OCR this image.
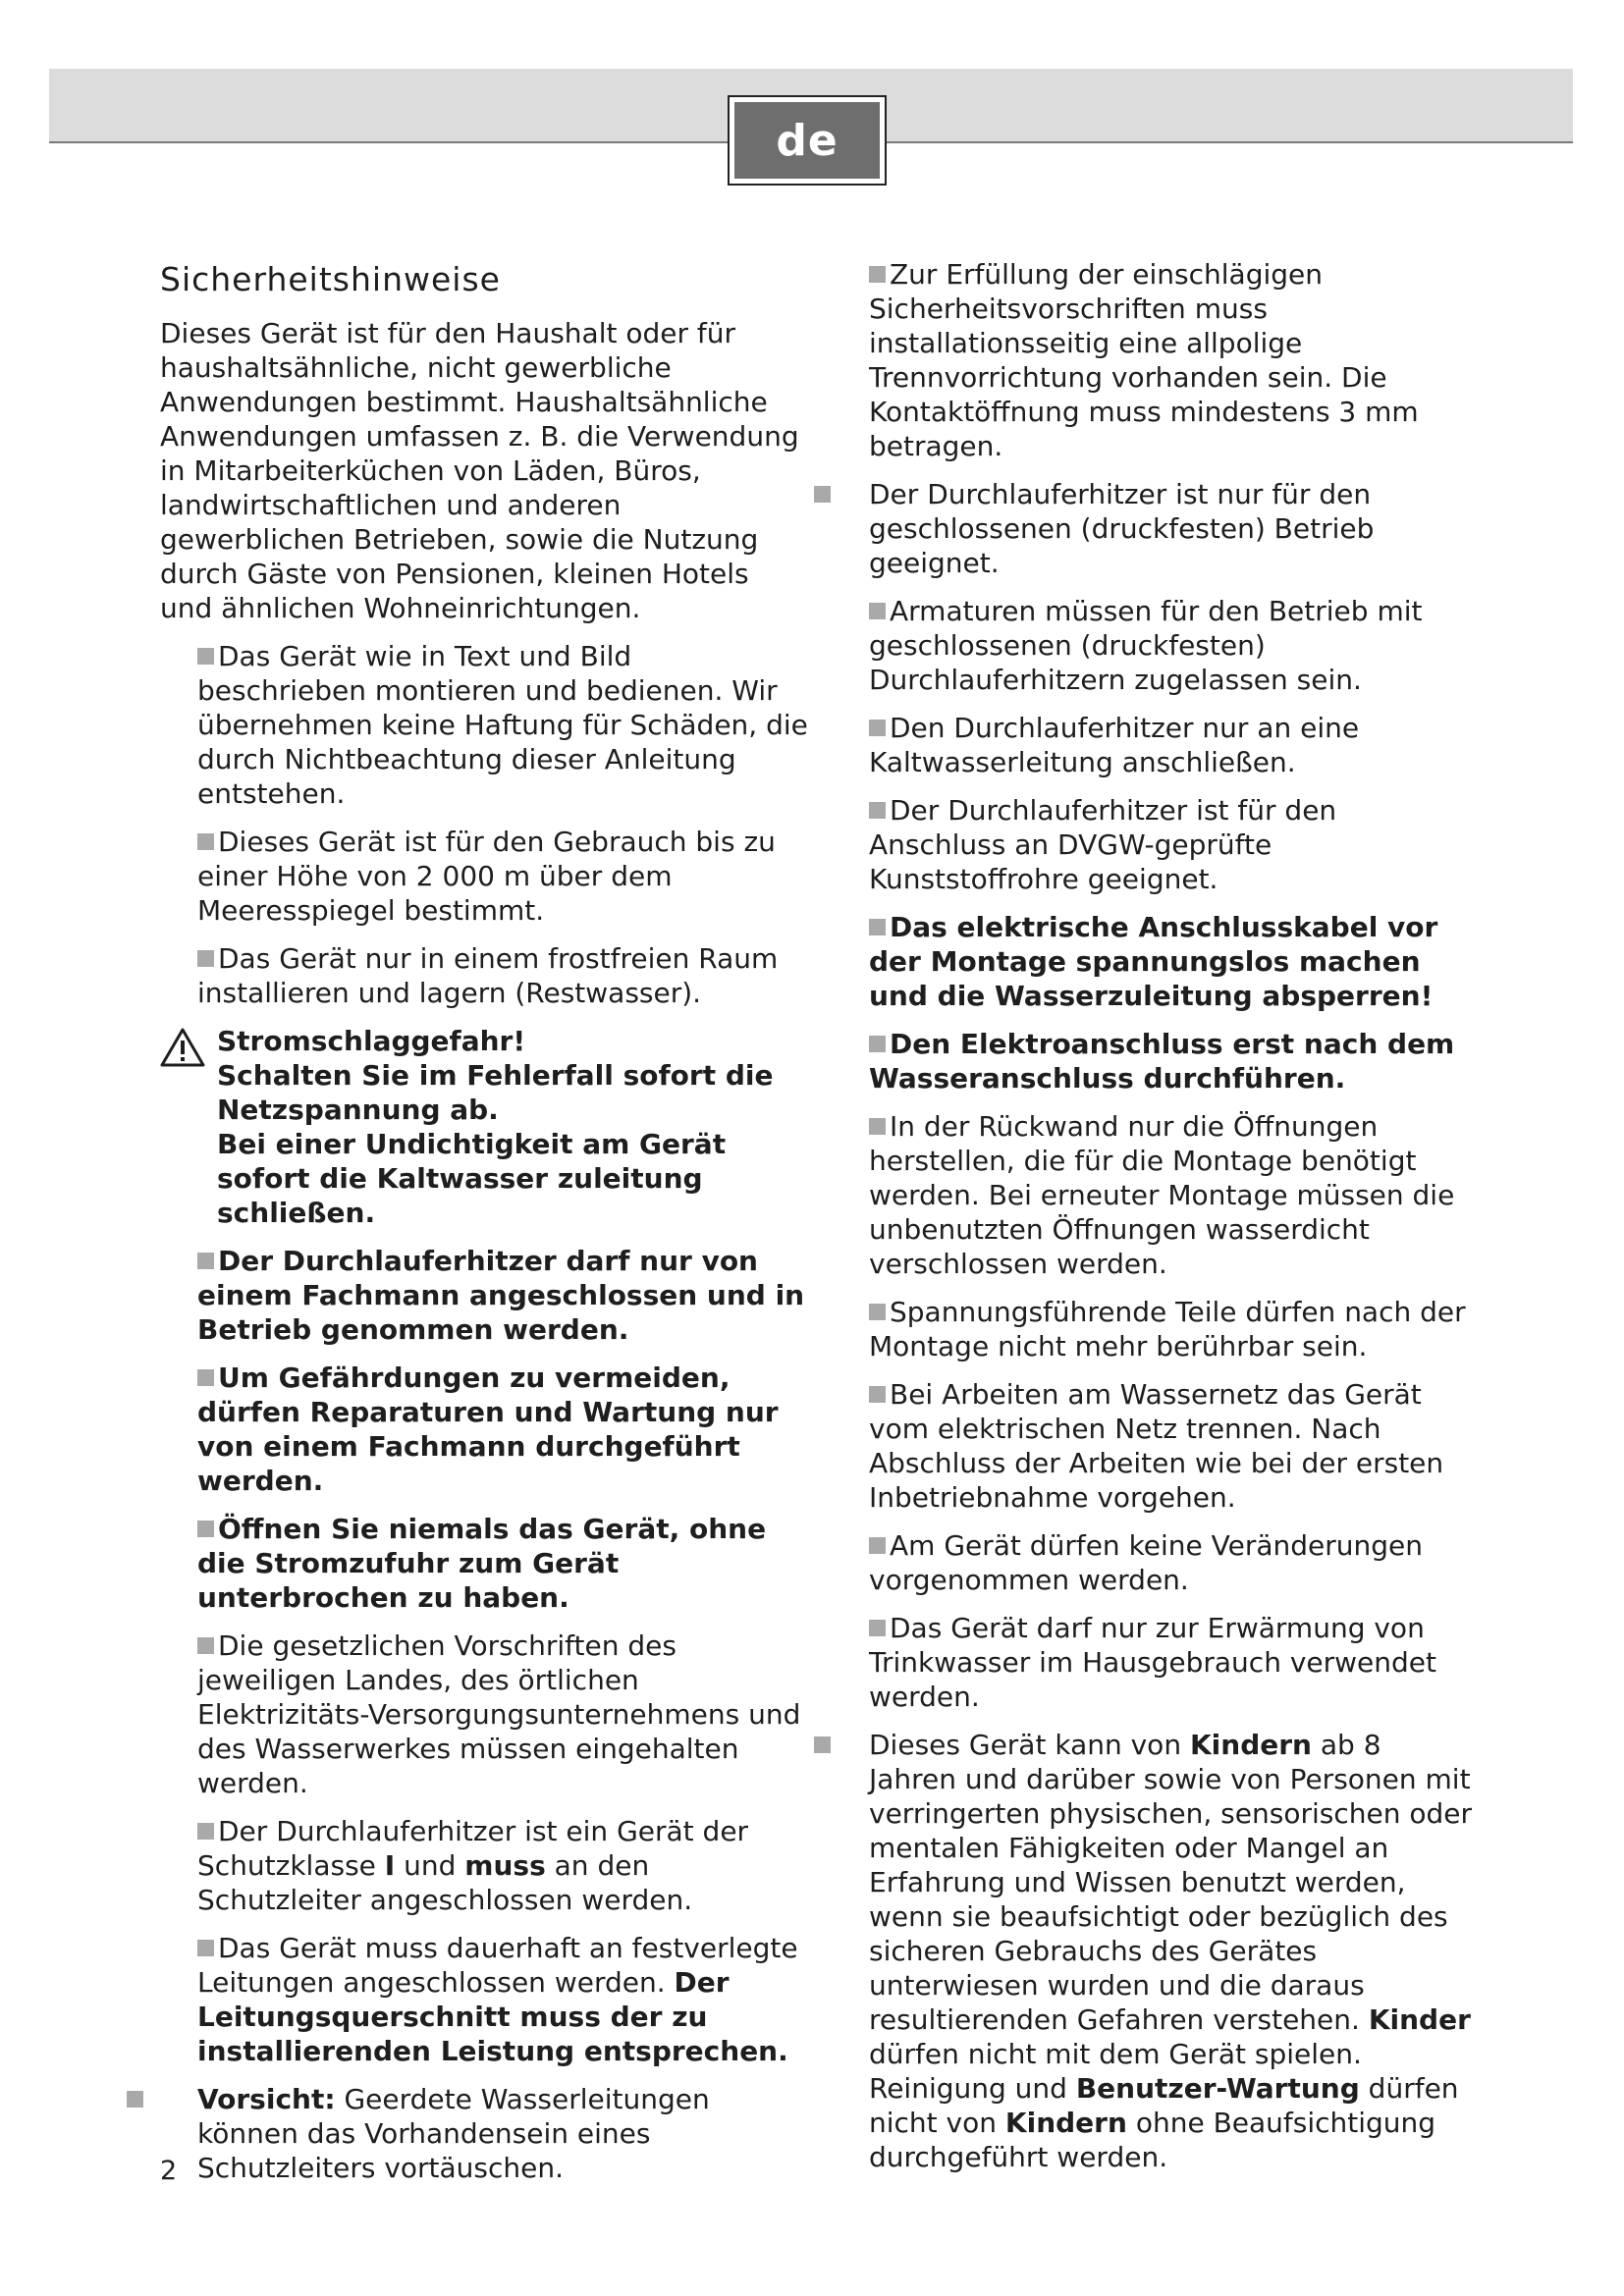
de
Sicherheitshinweise

Dieses Gerät ist für den Haushalt oder für haushaltsähnliche, nicht gewerbliche Anwendungen bestimmt. Haushaltsähnliche Anwendungen umfassen z. B. die Verwendung in Mitarbeiterküchen von Läden, Büros, landwirtschaftlichen und anderen gewerblichen Betrieben, sowie die Nutzung durch Gäste von Pensionen, kleinen Hotels und ähnlichen Wohneinrichtungen.

Das Gerät wie in Text und Bild beschrieben montieren und bedienen. Wir übernehmen keine Haftung für Schäden, die durch Nichtbeachtung dieser Anleitung entstehen.
Dieses Gerät ist für den Gebrauch bis zu einer Höhe von 2 000 m über dem Meeresspiegel bestimmt.
Das Gerät nur in einem frostfreien Raum installieren und lagern (Restwasser).

Stromschlaggefahr!

Schalten Sie im Fehlerfall sofort die Netzspannung ab.

Bei einer Undichtigkeit am Gerät sofort die Kaltwasser zuleitung schließen.

Der Durchlauferhitzer darf nur von einem Fachmann angeschlossen und in Betrieb genommen werden.
Um Gefährdungen zu vermeiden, dürfen Reparaturen und Wartung nur von einem Fachmann durchgeführt werden.
Öffnen Sie niemals das Gerät, ohne die Stromzufuhr zum Gerät unterbrochen zu haben.
Die gesetzlichen Vorschriften des jeweiligen Landes, des örtlichen Elektrizitäts-Versorgungsunternehmens und des Wasserwerkes müssen eingehalten werden.
Der Durchlauferhitzer ist ein Gerät der Schutzklasse I und muss an den Schutzleiter angeschlossen werden.
Das Gerät muss dauerhaft an festverlegte Leitungen angeschlossen werden. Der Leitungsquerschnitt muss der zu installierenden Leistung entsprechen.
Vorsicht: Geerdete Wasserleitungen können das Vorhandensein eines Schutzleiters vortäuschen.
Zur Erfüllung der einschlägigen Sicherheitsvorschriften muss installationsseitig eine allpolige Trennvorrichtung vorhanden sein. Die Kontaktöffnung muss mindestens 3 mm betragen.
Der Durchlauferhitzer ist nur für den geschlossenen (druckfesten) Betrieb geeignet.
Armaturen müssen für den Betrieb mit geschlossenen (druckfesten) Durchlauferhitzern zugelassen sein.
Den Durchlauferhitzer nur an eine Kaltwasserleitung anschließen.
Der Durchlauferhitzer ist für den Anschluss an DVGW-geprüfte Kunststoffrohre geeignet.
Das elektrische Anschlusskabel vor der Montage spannungslos machen und die Wasserzuleitung absperren!
Den Elektroanschluss erst nach dem Wasseranschluss durchführen.
In der Rückwand nur die Öffnungen herstellen, die für die Montage benötigt werden. Bei erneuter Montage müssen die unbenutzten Öffnungen wasserdicht verschlossen werden.
Spannungsführende Teile dürfen nach der Montage nicht mehr berührbar sein.
Bei Arbeiten am Wassernetz das Gerät vom elektrischen Netz trennen. Nach Abschluss der Arbeiten wie bei der ersten Inbetriebnahme vorgehen.
Am Gerät dürfen keine Veränderungen vorgenommen werden.
Das Gerät darf nur zur Erwärmung von Trinkwasser im Hausgebrauch verwendet werden.
Dieses Gerät kann von Kindern ab 8 Jahren und darüber sowie von Personen mit verringerten physischen, sensorischen oder mentalen Fähigkeiten oder Mangel an Erfahrung und Wissen benutzt werden, wenn sie beaufsichtigt oder bezüglich des sicheren Gebrauchs des Gerätes unterwiesen wurden und die daraus resultierenden Gefahren verstehen. Kinder dürfen nicht mit dem Gerät spielen. Reinigung und Benutzer-Wartung dürfen nicht von Kindern ohne Beaufsichtigung durchgeführt werden.
2
